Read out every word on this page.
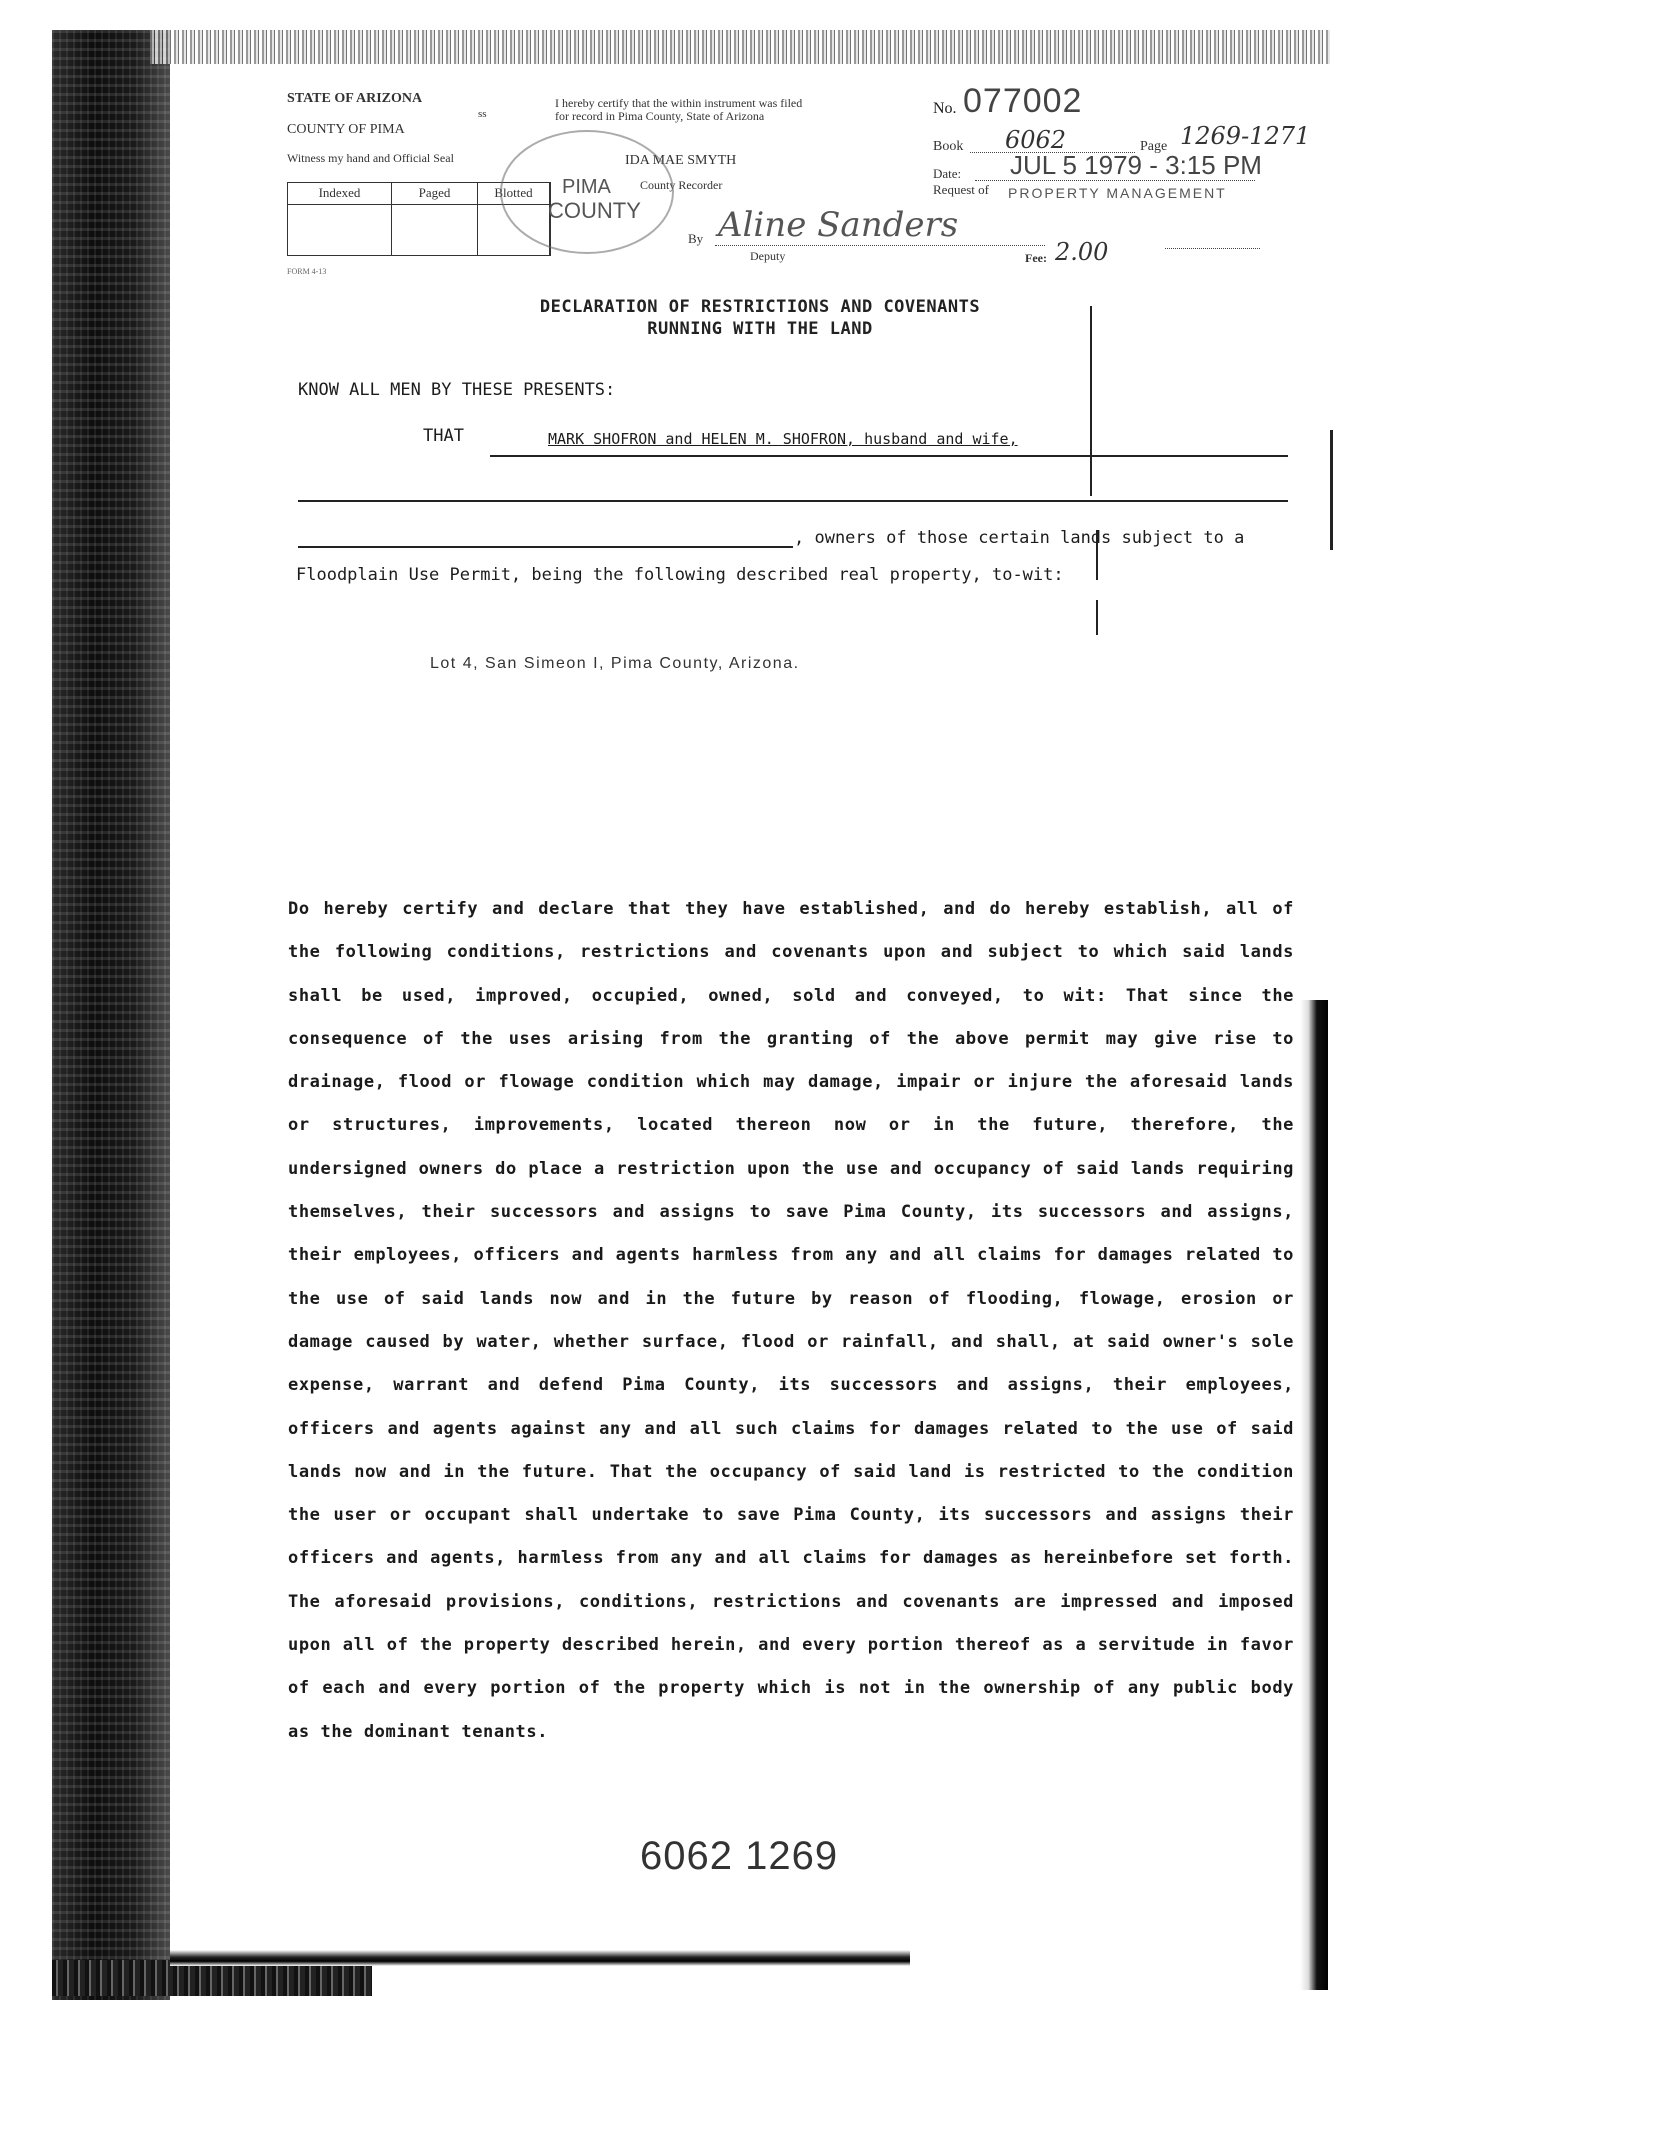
STATE OF ARIZONA
ss
COUNTY OF PIMA
Witness my hand and Official Seal
I hereby certify that the within instrument was filed for record in Pima County, State of Arizona
IDA MAE SMYTH
County Recorder
Indexed	Paged	Blotted	PIMA
COUNTY
By Aline Sanders
Deputy
FORM 4-13
No. 077002
Book 6062	Page 1269-1271
Date: JUL 5 1979 - 3:15 PM
Request of PROPERTY MANAGEMENT
Fee: 2.00
DECLARATION OF RESTRICTIONS AND COVENANTS
RUNNING WITH THE LAND
KNOW ALL MEN BY THESE PRESENTS:
THAT	MARK SHOFRON and HELEN M. SHOFRON, husband and wife,
, owners of those certain lands subject to a
Floodplain Use Permit, being the following described real property, to-wit:
Lot 4, San Simeon I, Pima County, Arizona.
Do hereby certify and declare that they have established, and do hereby establish, all of the following conditions, restrictions and covenants upon and subject to which said lands shall be used, improved, occupied, owned, sold and conveyed, to wit: That since the consequence of the uses arising from the granting of the above permit may give rise to drainage, flood or flowage condition which may damage, impair or injure the aforesaid lands or structures, improvements, located thereon now or in the future, therefore, the undersigned owners do place a restriction upon the use and occupancy of said lands requiring themselves, their successors and assigns to save Pima County, its successors and assigns, their employees, officers and agents harmless from any and all claims for damages related to the use of said lands now and in the future by reason of flooding, flowage, erosion or damage caused by water, whether surface, flood or rainfall, and shall, at said owner's sole expense, warrant and defend Pima County, its successors and assigns, their employees, officers and agents against any and all such claims for damages related to the use of said lands now and in the future. That the occupancy of said land is restricted to the condition the user or occupant shall undertake to save Pima County, its successors and assigns their officers and agents, harmless from any and all claims for damages as hereinbefore set forth. The aforesaid provisions, conditions, restrictions and covenants are impressed and imposed upon all of the property described herein, and every portion thereof as a servitude in favor of each and every portion of the property which is not in the ownership of any public body as the dominant tenants.
6062 1269
